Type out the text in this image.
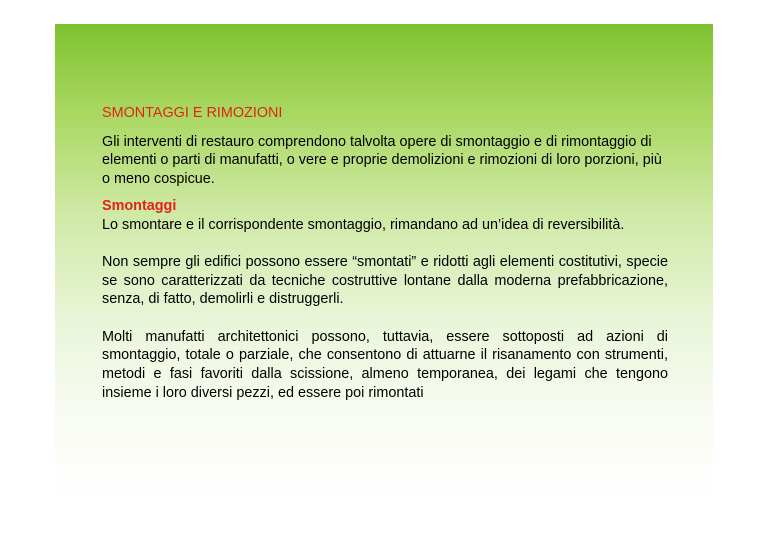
SMONTAGGI E RIMOZIONI

Gli interventi di restauro comprendono talvolta opere di smontaggio e di rimontaggio di elementi o parti di manufatti, o vere e proprie demolizioni e rimozioni di loro porzioni, più o meno cospicue.

Smontaggi

Lo smontare e il corrispondente smontaggio, rimandano ad un’idea di reversibilità.

Non sempre gli edifici possono essere “smontati” e ridotti agli elementi costitutivi, specie se sono caratterizzati da tecniche costruttive lontane dalla moderna prefabbricazione, senza, di fatto, demolirli e distruggerli.

Molti manufatti architettonici possono, tuttavia, essere sottoposti ad azioni di smontaggio, totale o parziale, che consentono di attuarne il risanamento con strumenti, metodi e fasi favoriti dalla scissione, almeno temporanea, dei legami che tengono insieme i loro diversi pezzi, ed essere poi rimontati
